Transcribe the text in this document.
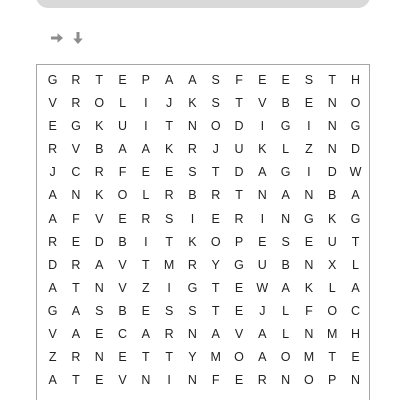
G	R	T	E	P	A	A	S	F	E	E	S	T	H
V	R	O	L	I	J	K	S	T	V	B	E	N	O
E	G	K	U	I	T	N	O	D	I	G	I	N	G
R	V	B	A	A	K	R	J	U	K	L	Z	N	D
J	C	R	F	E	E	S	T	D	A	G	I	D	W
A	N	K	O	L	R	B	R	T	N	A	N	B	A
A	F	V	E	R	S	I	E	R	I	N	G	K	G
R	E	D	B	I	T	K	O	P	E	S	E	U	T
D	R	A	V	T	M	R	Y	G	U	B	N	X	L
A	T	N	V	Z	I	G	T	E	W	A	K	L	A
G	A	S	B	E	S	S	T	E	J	L	F	O	C
V	A	E	C	A	R	N	A	V	A	L	N	M	H
Z	R	N	E	T	T	Y	M	O	A	O	M	T	E
A	T	E	V	N	I	N	F	E	R	N	O	P	N
